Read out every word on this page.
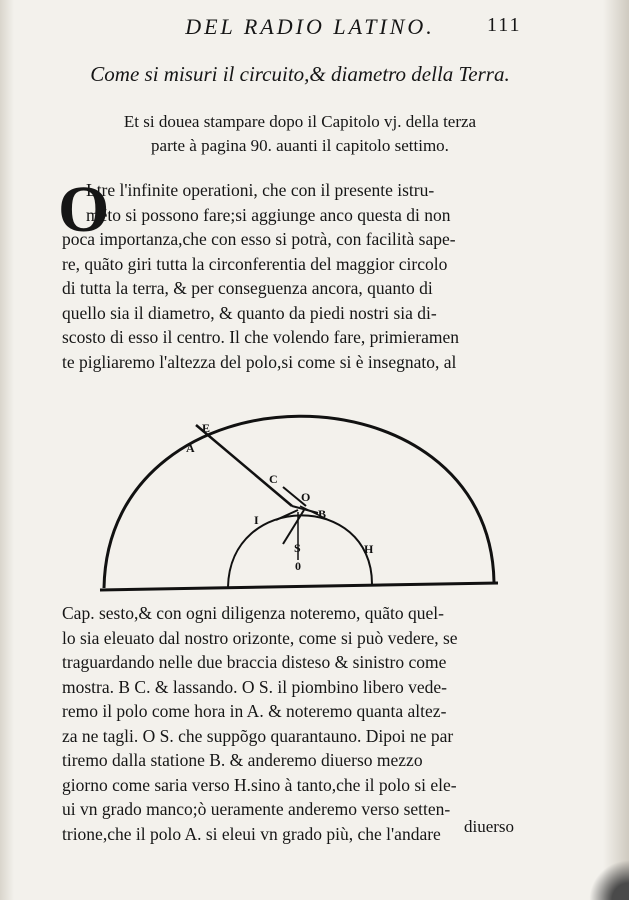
DEL RADIO LATINO.	111
Come si misuri il circuito,& diametro della Terra.
Et si douea stampare dopo il Capitolo vj. della terza
parte à pagina 90. auanti il capitolo settimo.
O
Ltre l'infinite operationi, che con il presente istru-
mẽto si possono fare;si aggiunge anco questa di non
poca importanza,che con esso si potrà, con facilità sape-
re, quãto giri tutta la circonferentia del maggior circolo
di tutta la terra, & per conseguenza ancora, quanto di
quello sia il diametro, & quanto da piedi nostri sia di-
scosto di esso il centro. Il che volendo fare, primieramen
te pigliaremo l'altezza del polo,si come si è insegnato, al
A
E
C
O
B
I
S
0
H
Cap. sesto,& con ogni diligenza noteremo, quãto quel-
lo sia eleuato dal nostro orizonte, come si può vedere, se
traguardando nelle due braccia disteso & sinistro come
mostra. B C. & lassando. O S. il piombino libero vede-
remo il polo come hora in A. & noteremo quanta altez-
za ne tagli. O S. che suppõgo quarantauno. Dipoi ne par
tiremo dalla statione B. & anderemo diuerso mezzo
giorno come saria verso H.sino à tanto,che il polo si ele-
ui vn grado manco;ò ueramente anderemo verso setten-
trione,che il polo A. si eleui vn grado più, che l'andare	diuerso
